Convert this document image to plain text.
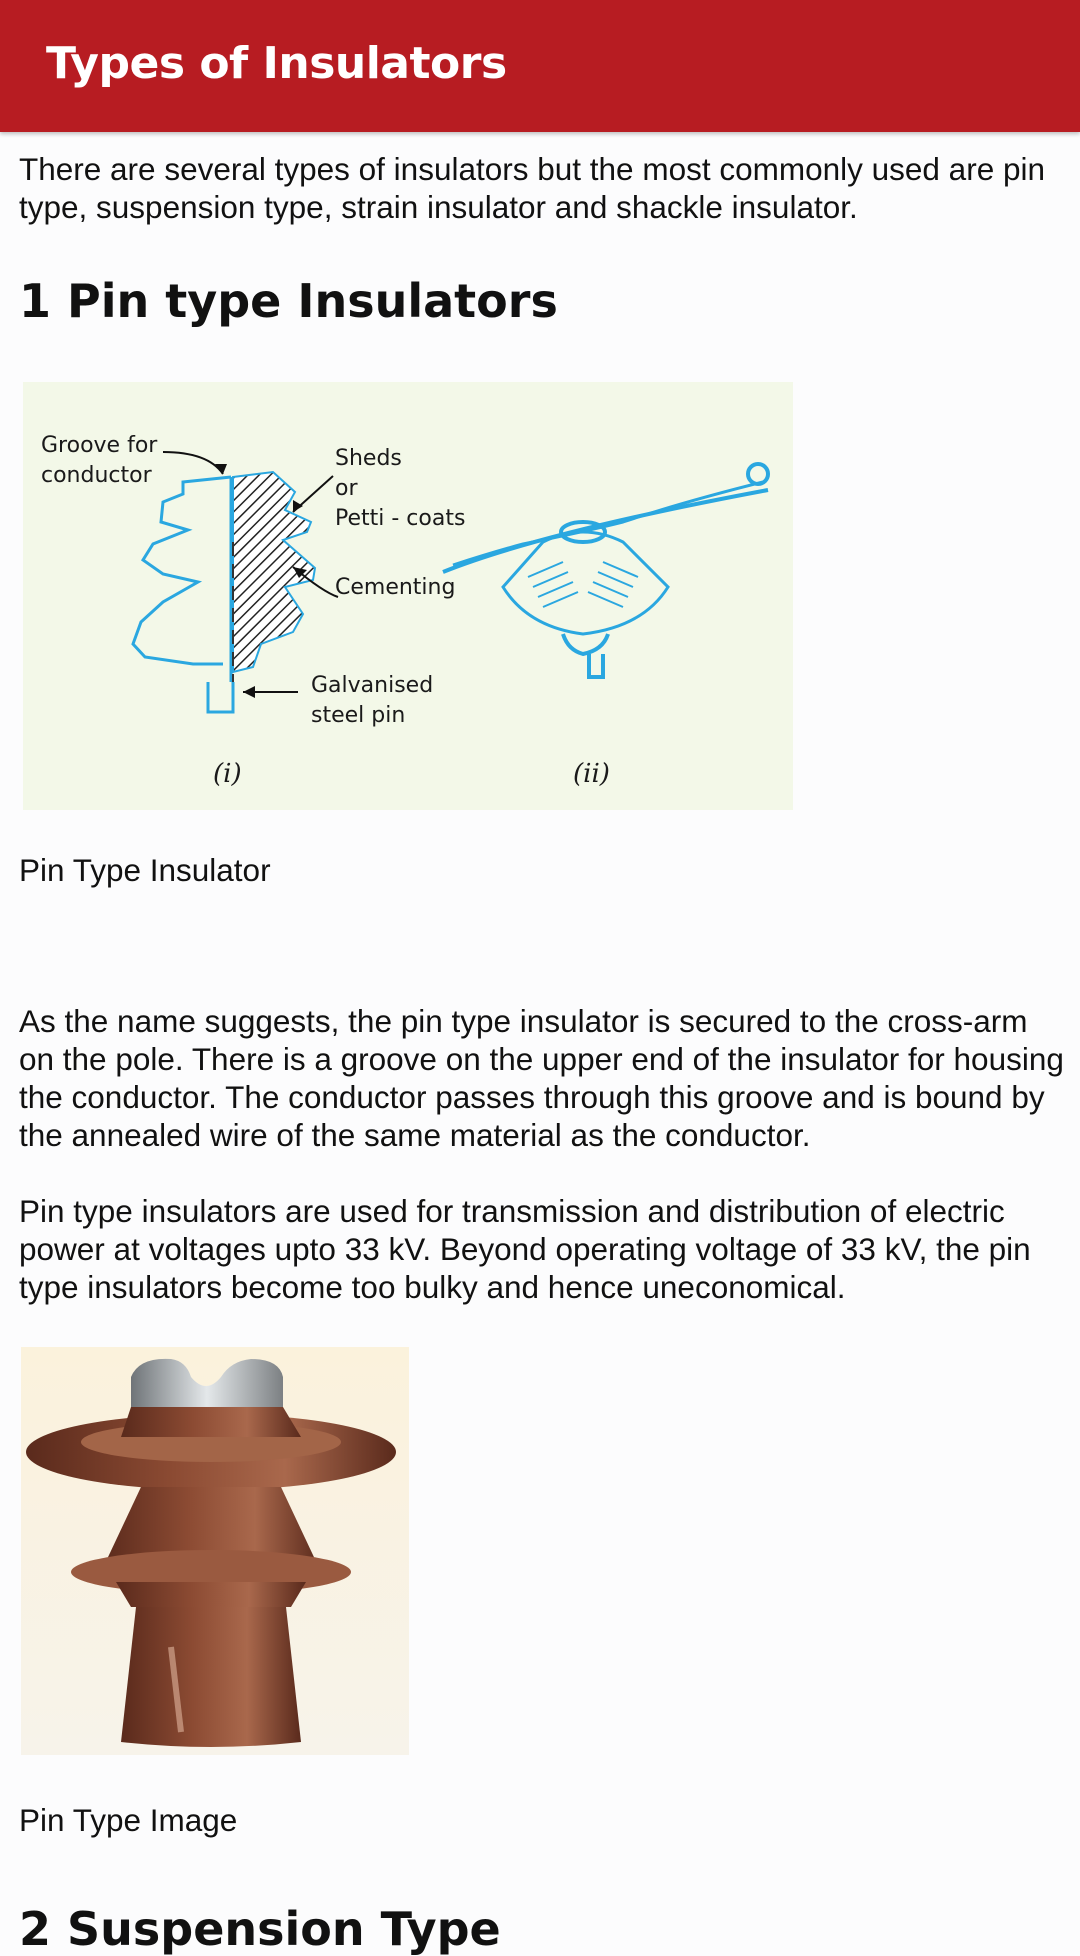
Types of Insulators

There are several types of insulators but the most commonly used are pin type, suspension type, strain insulator and shackle insulator.

1 Pin type Insulators
Groove for
conductor
Sheds
or
Petti - coats
Cementing
Galvanised
steel pin
(i)	(ii)

Pin Type Insulator

As the name suggests, the pin type insulator is secured to the cross-arm on the pole. There is a groove on the upper end of the insulator for housing the conductor. The conductor passes through this groove and is bound by the annealed wire of the same material as the conductor.

Pin type insulators are used for transmission and distribution of electric power at voltages upto 33 kV. Beyond operating voltage of 33 kV, the pin type insulators become too bulky and hence uneconomical.

Pin Type Image

2 Suspension Type
